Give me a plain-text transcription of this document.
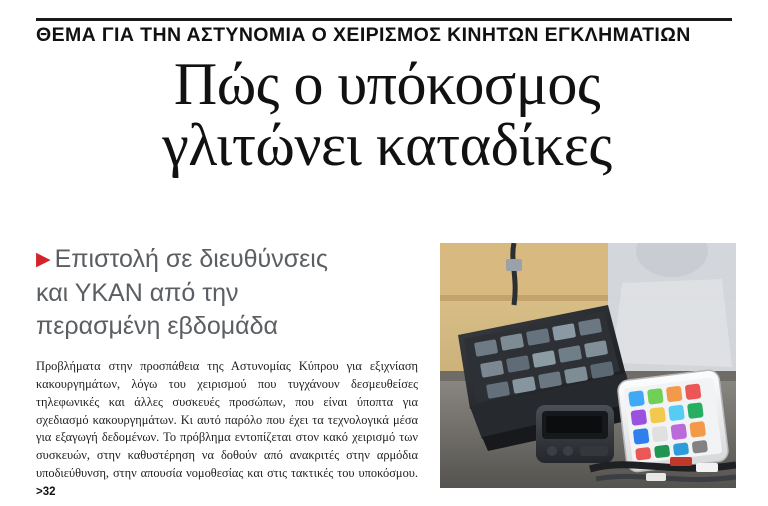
ΘΕΜΑ ΓΙΑ ΤΗΝ ΑΣΤΥΝΟΜΙΑ Ο ΧΕΙΡΙΣΜΟΣ ΚΙΝΗΤΩΝ ΕΓΚΛΗΜΑΤΙΩΝ
Πώς ο υπόκοσμος
γλιτώνει καταδίκες
▶ Επιστολή σε διευθύνσεις
και ΥΚΑΝ από την
περασμένη εβδομάδα
Προβλήματα στην προσπάθεια της Αστυνομίας Κύπρου για εξιχνίαση κακουργημάτων, λόγω του χειρισμού που τυγχάνουν δεσμευθείσες τηλεφωνικές και άλλες συσκευές προσώπων, που είναι ύποπτα για σχεδιασμό κακουργημάτων. Κι αυτό παρόλο που έχει τα τεχνολογικά μέσα για εξαγωγή δεδομένων. Το πρόβλημα εντοπίζεται στον κακό χειρισμό των συσκευών, στην καθυστέρηση να δοθούν από ανακριτές στην αρμόδια υποδιεύθυνση, στην απουσία νομοθεσίας και στις τακτικές του υποκόσμου. >32
